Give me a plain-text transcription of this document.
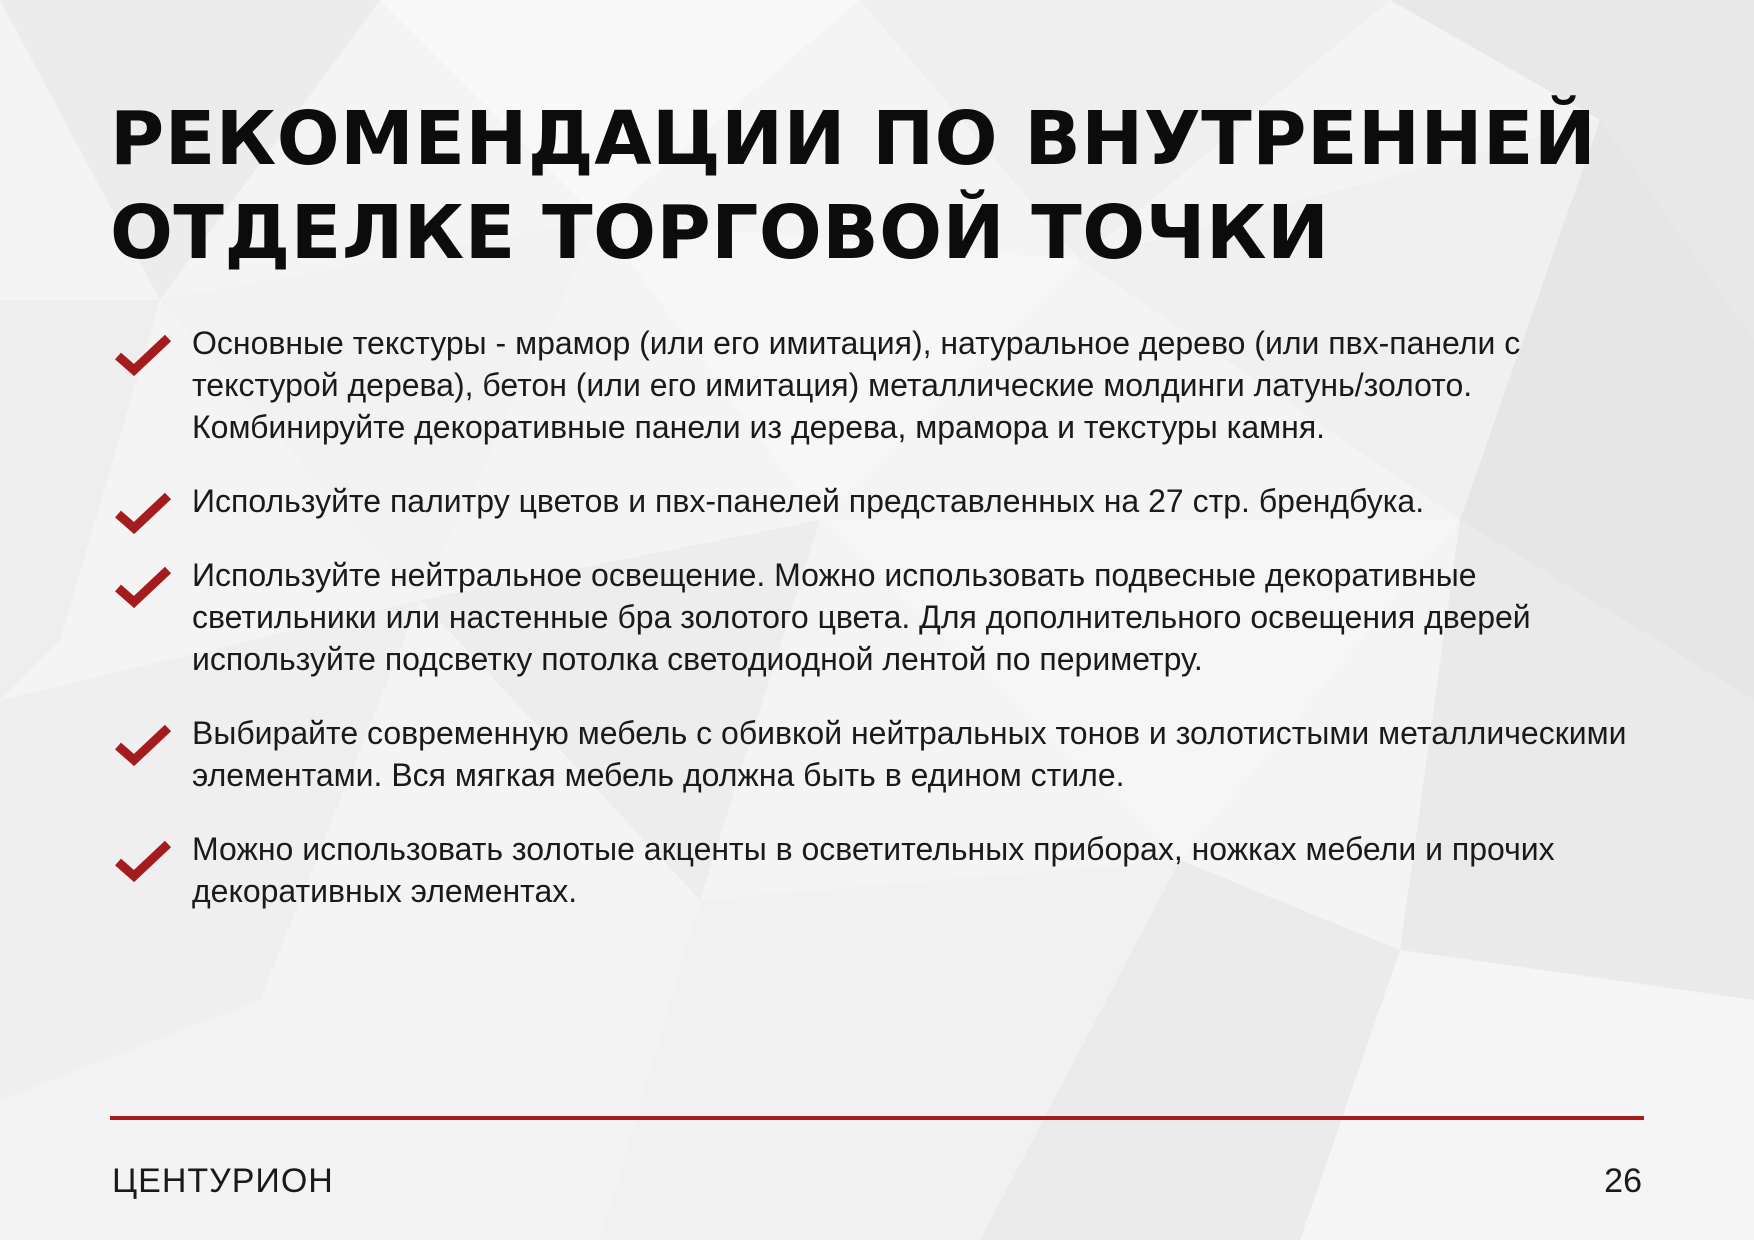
РЕКОМЕНДАЦИИ ПО ВНУТРЕННЕЙ ОТДЕЛКЕ ТОРГОВОЙ ТОЧКИ
Основные текстуры - мрамор (или его имитация), натуральное дерево (или пвх-панели с текстурой дерева), бетон (или его имитация) металлические молдинги латунь/золото. Комбинируйте декоративные панели из дерева, мрамора и текстуры камня.
Используйте палитру цветов и пвх-панелей представленных на 27 стр. брендбука.
Используйте нейтральное освещение. Можно использовать подвесные декоративные светильники или настенные бра золотого цвета. Для дополнительного освещения дверей используйте подсветку потолка светодиодной лентой по периметру.
Выбирайте современную мебель с обивкой нейтральных тонов и золотистыми металлическими элементами. Вся мягкая мебель должна быть в едином стиле.
Можно использовать золотые акценты в осветительных приборах, ножках мебели и прочих декоративных элементах.
ЦЕНТУРИОН	26
